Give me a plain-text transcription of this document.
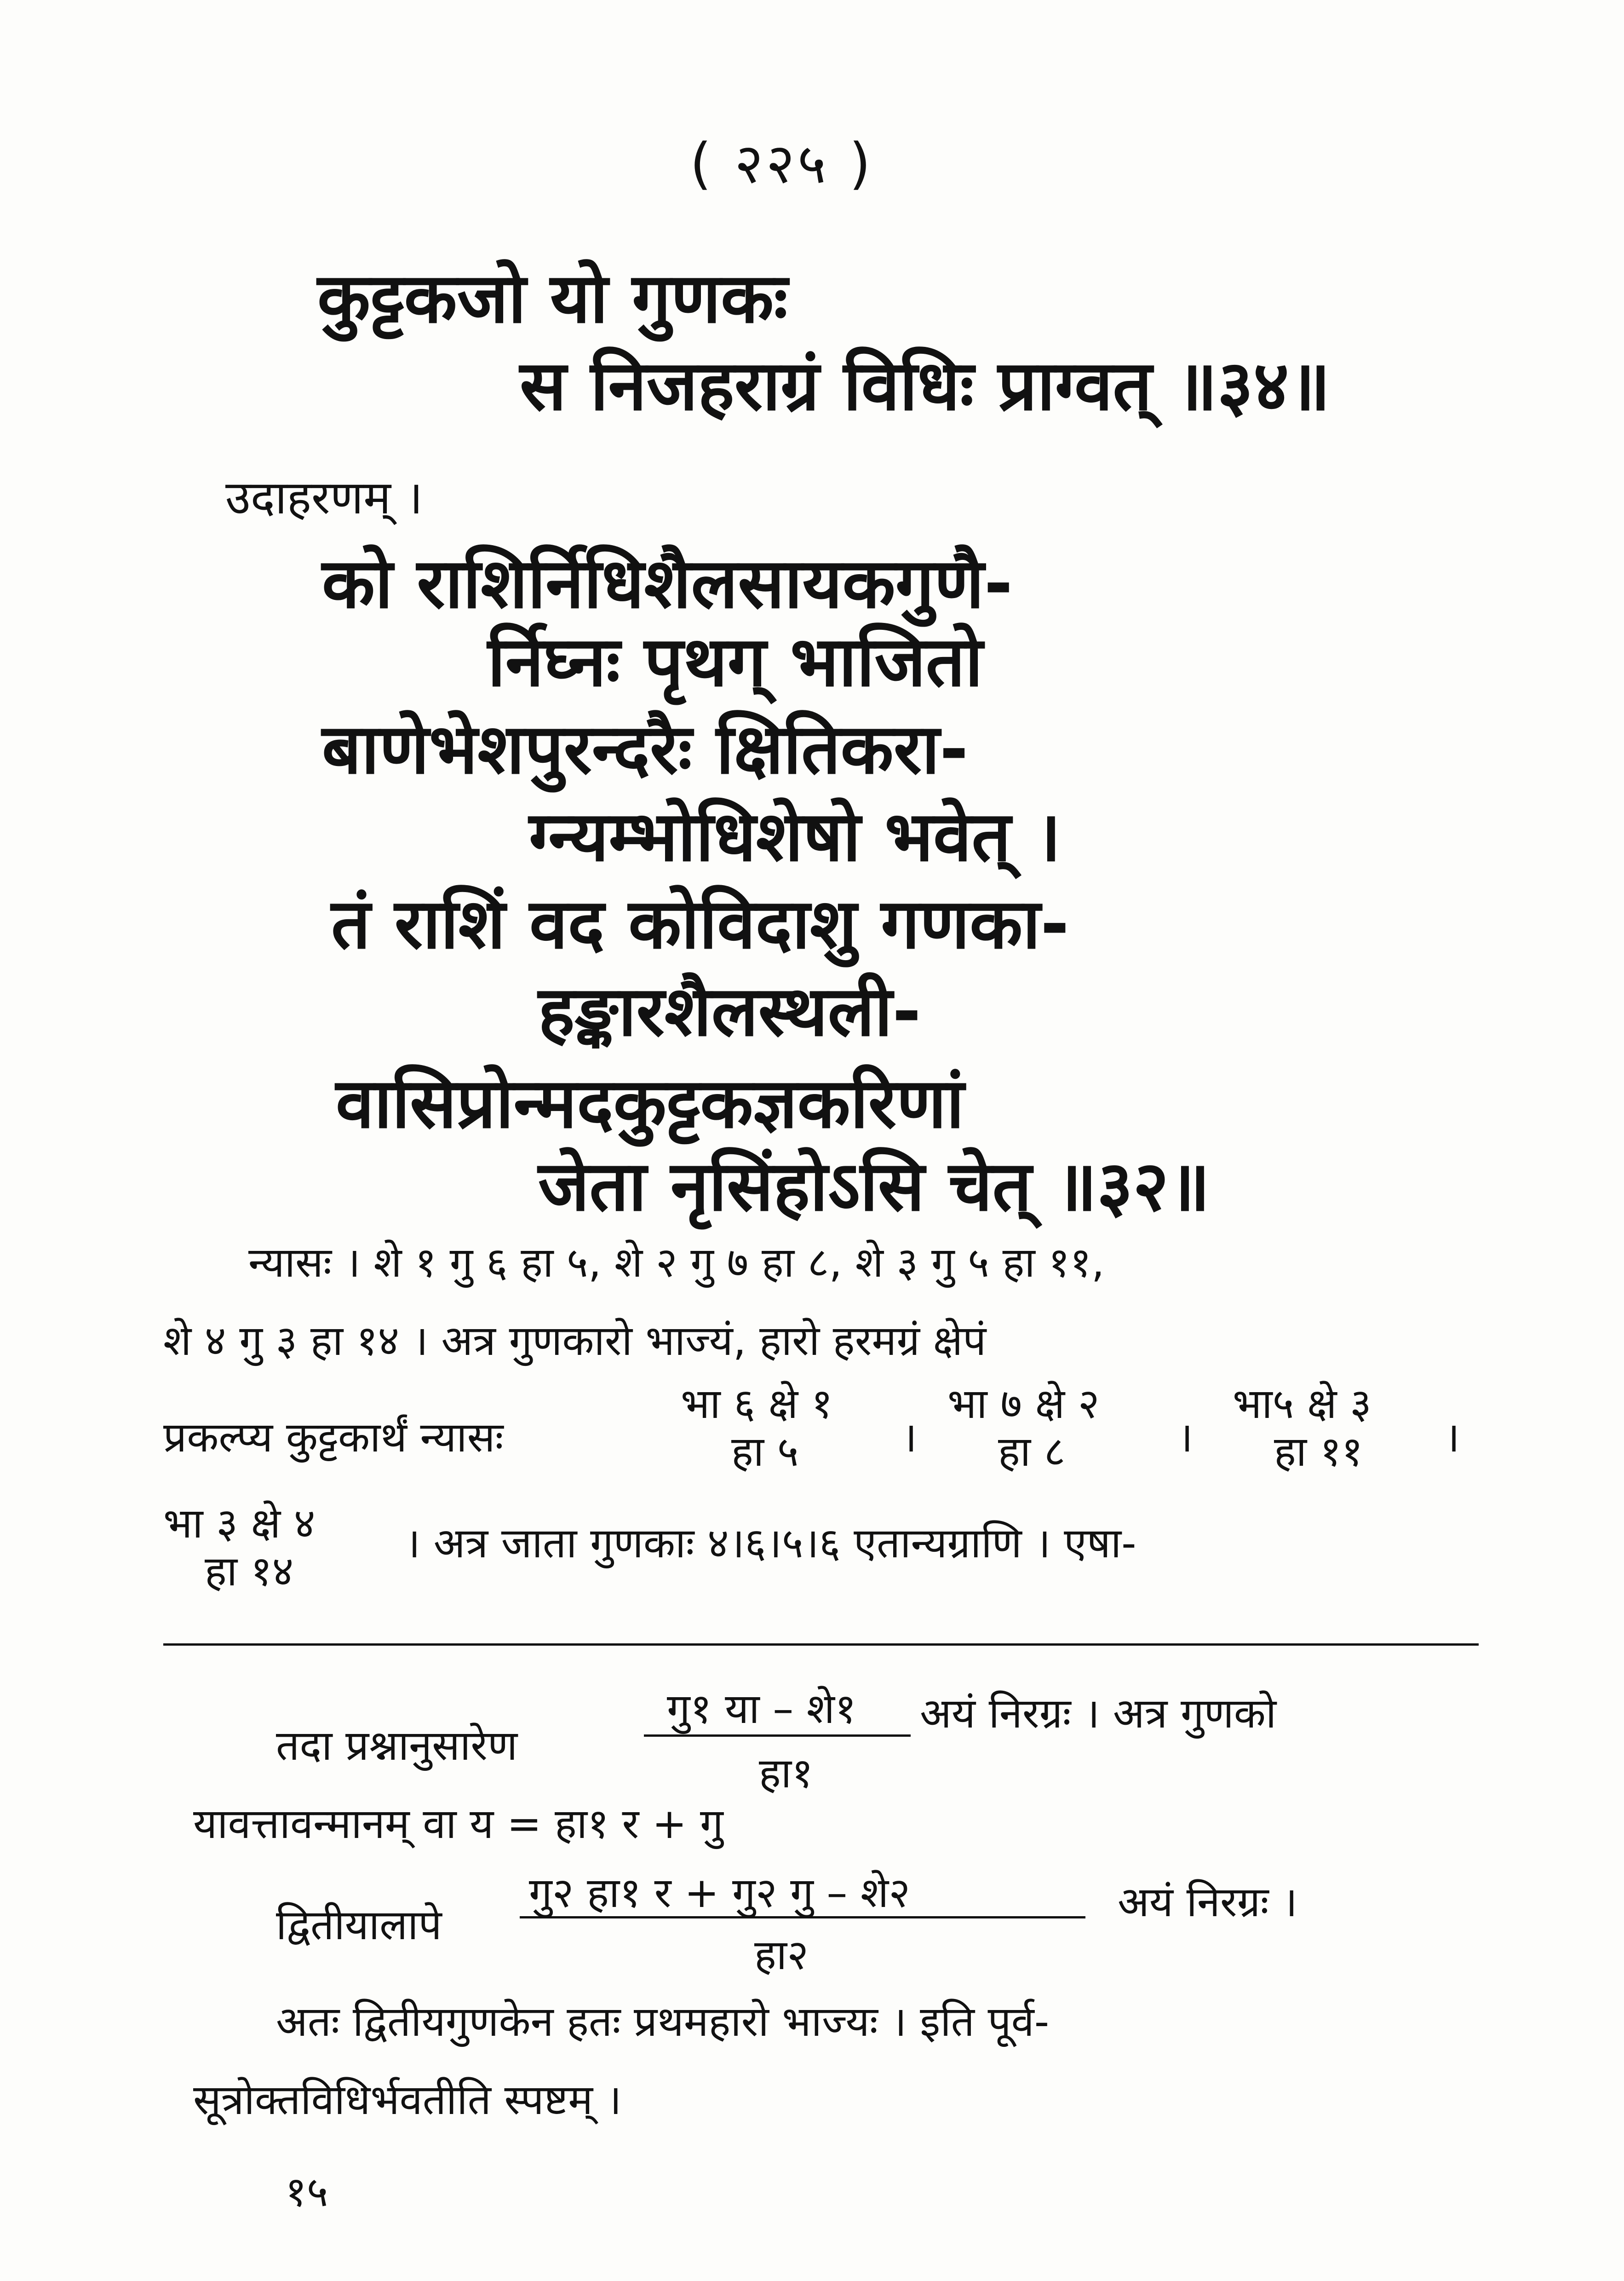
( २२५ )
कुट्टकजो यो गुणकः
स निजहराग्रं विधिः प्राग्वत् ॥३४॥
उदाहरणम् ।
को राशिर्निधिशैलसायकगुणै-
र्निघ्नः पृथग् भाजितो
बाणेभेशपुरन्दरैः क्षितिकरा-
ग्न्यम्भोधिशेषो भवेत् ।
तं राशिं वद कोविदाशु गणका-
हङ्कारशैलस्थली-
वासिप्रोन्मदकुट्टकज्ञकरिणां
जेता नृसिंहोऽसि चेत् ॥३२॥
न्यासः । शे १ गु ६ हा ५, शे २ गु ७ हा ८, शे ३ गु ५ हा ११,
शे ४ गु ३ हा १४ । अत्र गुणकारो भाज्यं, हारो हरमग्रं क्षेपं
प्रकल्प्य कुट्टकार्थं न्यासः
भा ६ क्षे १
हा ५	।
भा ७ क्षे २
हा ८	।
भा५ क्षे ३
हा ११ ।
भा ३ क्षे ४
हा १४
। अत्र जाता गुणकाः ४।६।५।६ एतान्यग्राणि । एषा-
तदा प्रश्नानुसारेण
गु१ या – शे१
हा१
अयं निरग्रः । अत्र गुणको
यावत्तावन्मानम् वा य = हा१ र + गु
द्वितीयालापे
गु२ हा१ र + गु२ गु – शे२
हा२
अयं निरग्रः ।
अतः द्वितीयगुणकेन हतः प्रथमहारो भाज्यः । इति पूर्व-
सूत्रोक्तविधिर्भवतीति स्पष्टम् ।
१५
